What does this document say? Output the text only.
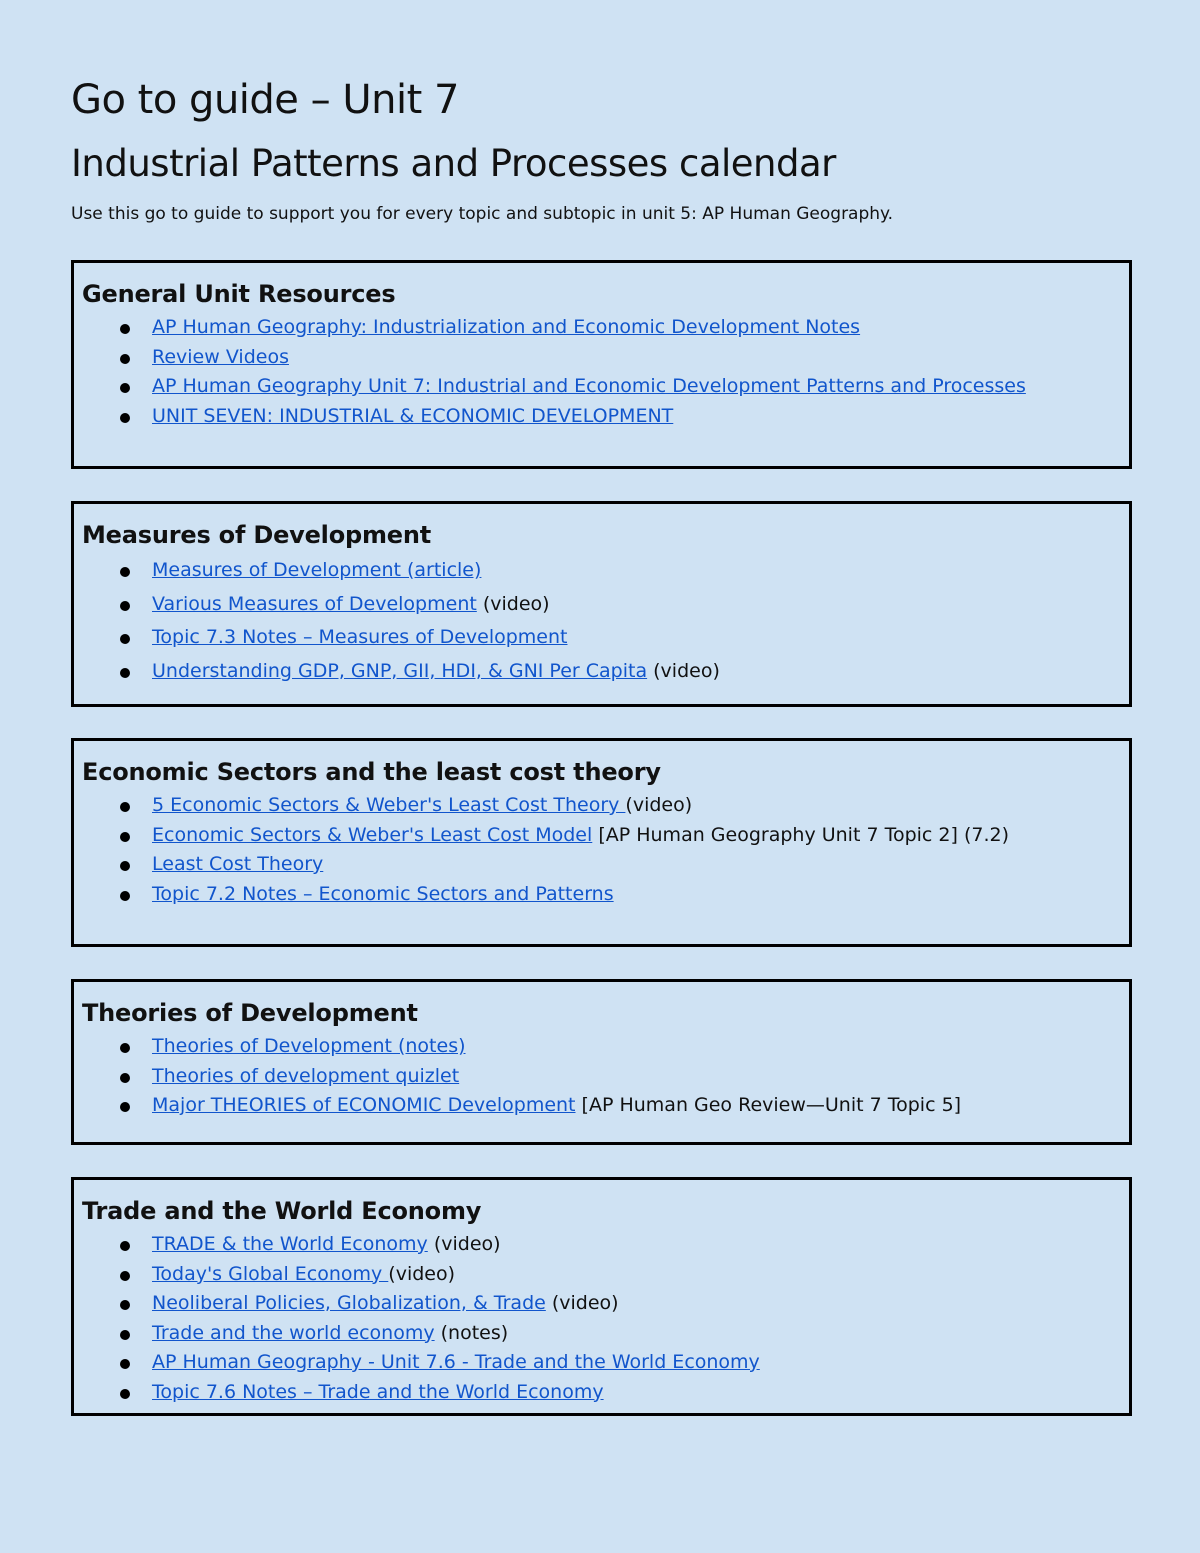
Go to guide – Unit 7
Industrial Patterns and Processes calendar

Use this go to guide to support you for every topic and subtopic in unit 5: AP Human Geography.

General Unit Resources
AP Human Geography: Industrialization and Economic Development Notes
Review Videos
AP Human Geography Unit 7: Industrial and Economic Development Patterns and Processes
UNIT SEVEN: INDUSTRIAL & ECONOMIC DEVELOPMENT
Measures of Development
Measures of Development (article)
Various Measures of Development (video)
Topic 7.3 Notes – Measures of Development
Understanding GDP, GNP, GII, HDI, & GNI Per Capita (video)
Economic Sectors and the least cost theory
5 Economic Sectors & Weber's Least Cost Theory (video)
Economic Sectors & Weber's Least Cost Model [AP Human Geography Unit 7 Topic 2] (7.2)
Least Cost Theory
Topic 7.2 Notes – Economic Sectors and Patterns
Theories of Development
Theories of Development (notes)
Theories of development quizlet
Major THEORIES of ECONOMIC Development [AP Human Geo Review—Unit 7 Topic 5]
Trade and the World Economy
TRADE & the World Economy (video)
Today's Global Economy (video)
Neoliberal Policies, Globalization, & Trade (video)
Trade and the world economy (notes)
AP Human Geography - Unit 7.6 - Trade and the World Economy
Topic 7.6 Notes – Trade and the World Economy
